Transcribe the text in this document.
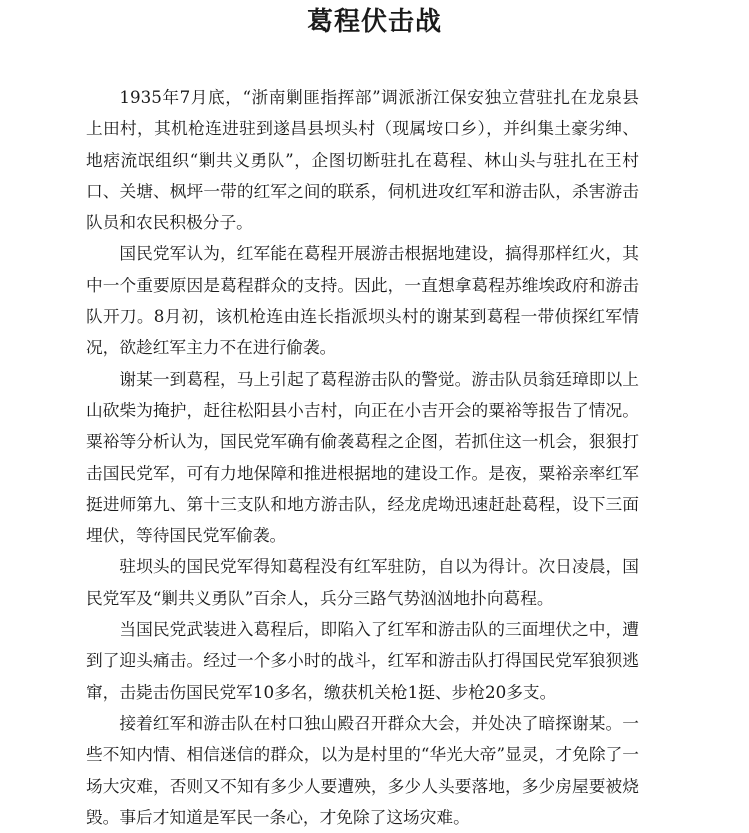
葛程伏击战

1935年7月底，“浙南剿匪指挥部”调派浙江保安独立营驻扎在龙泉县上田村，其机枪连进驻到遂昌县坝头村（现属垵口乡），并纠集土豪劣绅、地痞流氓组织“剿共义勇队”，企图切断驻扎在葛程、林山头与驻扎在王村口、关塘、枫坪一带的红军之间的联系，伺机进攻红军和游击队，杀害游击队员和农民积极分子。

国民党军认为，红军能在葛程开展游击根据地建设，搞得那样红火，其中一个重要原因是葛程群众的支持。因此，一直想拿葛程苏维埃政府和游击队开刀。8月初，该机枪连由连长指派坝头村的谢某到葛程一带侦探红军情况，欲趁红军主力不在进行偷袭。

谢某一到葛程，马上引起了葛程游击队的警觉。游击队员翁廷璋即以上山砍柴为掩护，赶往松阳县小吉村，向正在小吉开会的粟裕等报告了情况。粟裕等分析认为，国民党军确有偷袭葛程之企图，若抓住这一机会，狠狠打击国民党军，可有力地保障和推进根据地的建设工作。是夜，粟裕亲率红军挺进师第九、第十三支队和地方游击队，经龙虎坳迅速赶赴葛程，设下三面埋伏，等待国民党军偷袭。

驻坝头的国民党军得知葛程没有红军驻防，自以为得计。次日凌晨，国民党军及“剿共义勇队”百余人，兵分三路气势汹汹地扑向葛程。

当国民党武装进入葛程后，即陷入了红军和游击队的三面埋伏之中，遭到了迎头痛击。经过一个多小时的战斗，红军和游击队打得国民党军狼狈逃窜，击毙击伤国民党军10多名，缴获机关枪1挺、步枪20多支。

接着红军和游击队在村口独山殿召开群众大会，并处决了暗探谢某。一些不知内情、相信迷信的群众，以为是村里的“华光大帝”显灵，才免除了一场大灾难，否则又不知有多少人要遭殃，多少人头要落地，多少房屋要被烧毁。事后才知道是军民一条心，才免除了这场灾难。
